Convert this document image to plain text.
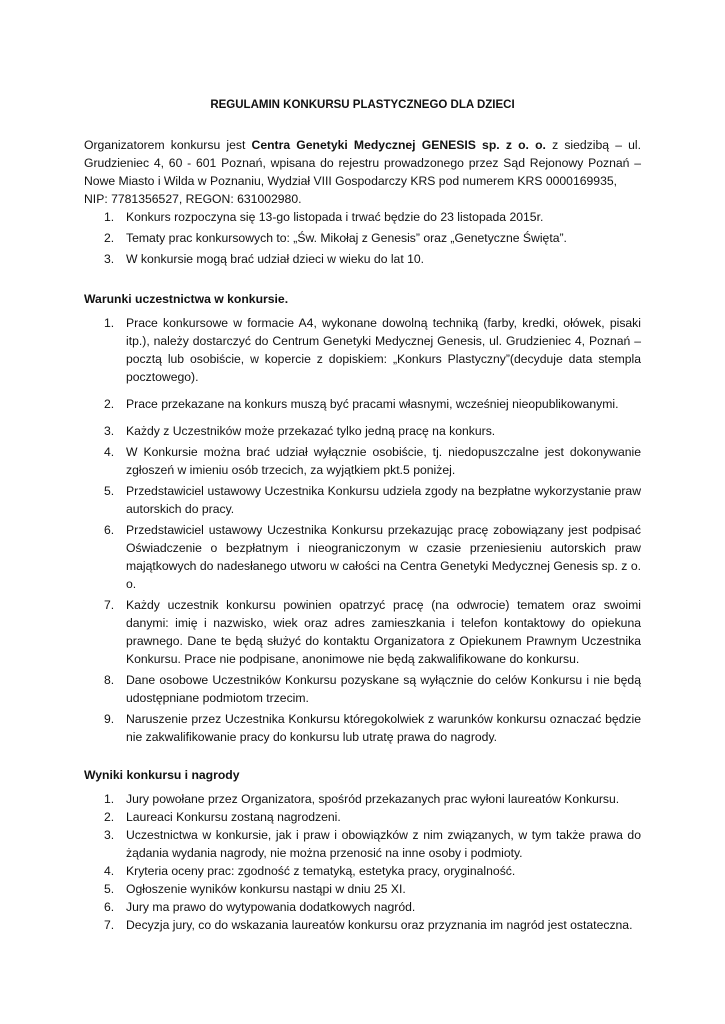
REGULAMIN KONKURSU PLASTYCZNEGO DLA DZIECI

Organizatorem konkursu jest Centra Genetyki Medycznej GENESIS sp. z o. o. z siedzibą – ul. Grudzieniec 4, 60 - 601 Poznań, wpisana do rejestru prowadzonego przez Sąd Rejonowy Poznań – Nowe Miasto i Wilda w Poznaniu, Wydział VIII Gospodarczy KRS pod numerem KRS 0000169935,
NIP: 7781356527, REGON: 631002980.

1. Konkurs rozpoczyna się 13-go listopada i trwać będzie do 23 listopada 2015r.
2. Tematy prac konkursowych to: „Św. Mikołaj z Genesis” oraz „Genetyczne Święta”.
3. W konkursie mogą brać udział dzieci w wieku do lat 10.
Warunki uczestnictwa w konkursie.
1. Prace konkursowe w formacie A4, wykonane dowolną techniką (farby, kredki, ołówek, pisaki itp.), należy dostarczyć do Centrum Genetyki Medycznej Genesis, ul. Grudzieniec 4, Poznań – pocztą lub osobiście, w kopercie z dopiskiem: „Konkurs Plastyczny”(decyduje data stempla pocztowego).
2. Prace przekazane na konkurs muszą być pracami własnymi, wcześniej nieopublikowanymi.
3. Każdy z Uczestników może przekazać tylko jedną pracę na konkurs.
4. W Konkursie można brać udział wyłącznie osobiście, tj. niedopuszczalne jest dokonywanie zgłoszeń w imieniu osób trzecich, za wyjątkiem pkt.5 poniżej.
5. Przedstawiciel ustawowy Uczestnika Konkursu udziela zgody na bezpłatne wykorzystanie praw autorskich do pracy.
6. Przedstawiciel ustawowy Uczestnika Konkursu przekazując pracę zobowiązany jest podpisać Oświadczenie o bezpłatnym i nieograniczonym w czasie przeniesieniu autorskich praw majątkowych do nadesłanego utworu w całości na Centra Genetyki Medycznej Genesis sp. z o. o.
7. Każdy uczestnik konkursu powinien opatrzyć pracę (na odwrocie) tematem oraz swoimi danymi: imię i nazwisko, wiek oraz adres zamieszkania i telefon kontaktowy do opiekuna prawnego. Dane te będą służyć do kontaktu Organizatora z Opiekunem Prawnym Uczestnika Konkursu. Prace nie podpisane, anonimowe nie będą zakwalifikowane do konkursu.
8. Dane osobowe Uczestników Konkursu pozyskane są wyłącznie do celów Konkursu i nie będą udostępniane podmiotom trzecim.
9. Naruszenie przez Uczestnika Konkursu któregokolwiek z warunków konkursu oznaczać będzie nie zakwalifikowanie pracy do konkursu lub utratę prawa do nagrody.
Wyniki konkursu i nagrody
1. Jury powołane przez Organizatora, spośród przekazanych prac wyłoni laureatów Konkursu.
2. Laureaci Konkursu zostaną nagrodzeni.
3. Uczestnictwa w konkursie, jak i praw i obowiązków z nim związanych, w tym także prawa do żądania wydania nagrody, nie można przenosić na inne osoby i podmioty.
4. Kryteria oceny prac: zgodność z tematyką, estetyka pracy, oryginalność.
5. Ogłoszenie wyników konkursu nastąpi w dniu 25 XI.
6. Jury ma prawo do wytypowania dodatkowych nagród.
7. Decyzja jury, co do wskazania laureatów konkursu oraz przyznania im nagród jest ostateczna.
